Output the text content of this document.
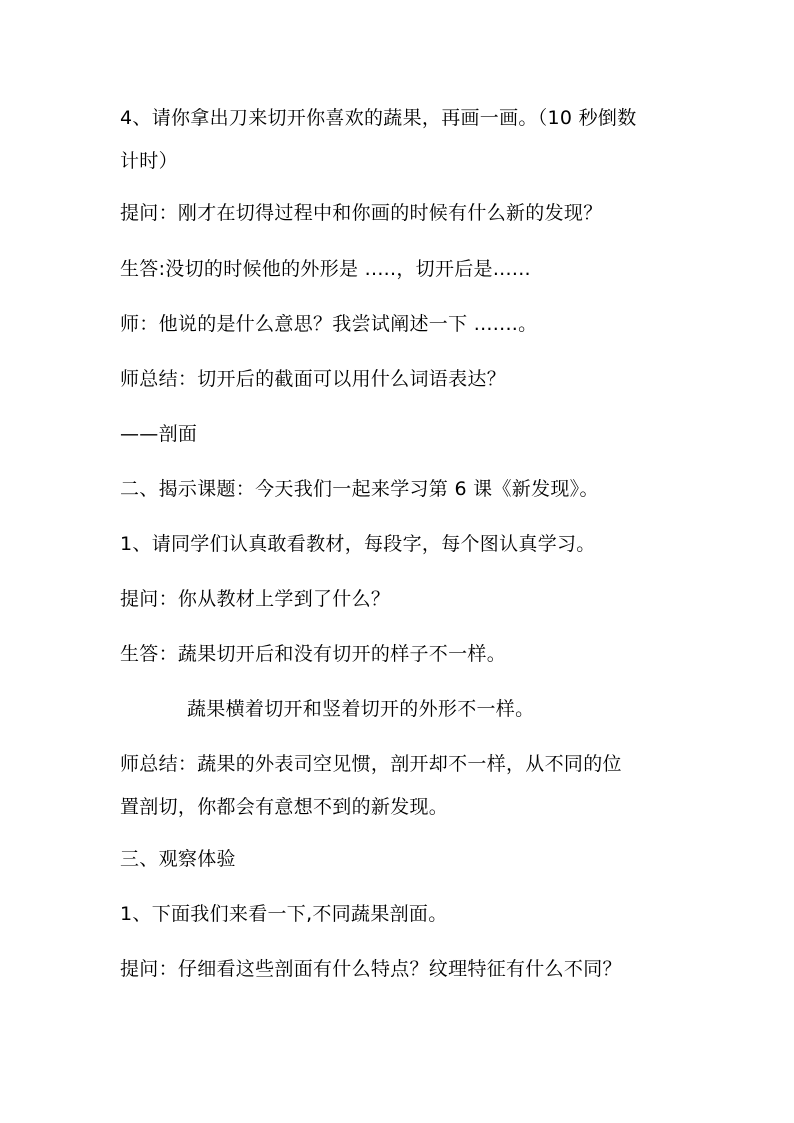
4、请你拿出刀来切开你喜欢的蔬果，再画一画。（10 秒倒数
计时）
提问：刚才在切得过程中和你画的时候有什么新的发现？
生答:没切的时候他的外形是 .....，切开后是......
师：他说的是什么意思？我尝试阐述一下 .......。
师总结：切开后的截面可以用什么词语表达？
——剖面
二、揭示课题：今天我们一起来学习第 6 课《新发现》。
1、请同学们认真敢看教材，每段字，每个图认真学习。
提问：你从教材上学到了什么？
生答：蔬果切开后和没有切开的样子不一样。
蔬果横着切开和竖着切开的外形不一样。
师总结：蔬果的外表司空见惯，剖开却不一样，从不同的位
置剖切，你都会有意想不到的新发现。
三、观察体验
1、下面我们来看一下,不同蔬果剖面。
提问：仔细看这些剖面有什么特点？纹理特征有什么不同？
